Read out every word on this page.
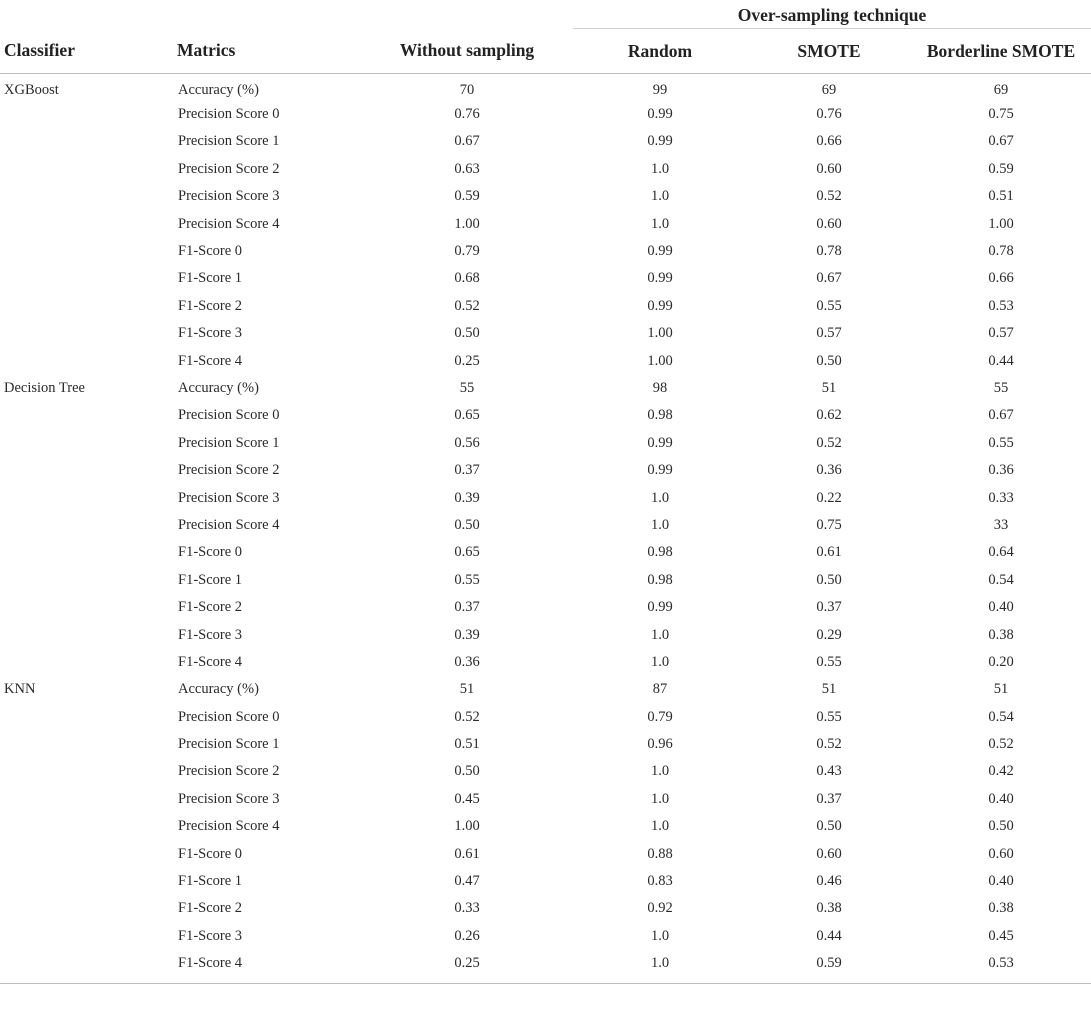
			Over-sampling technique		
Classifier	Matrics	Without sampling	Random	SMOTE	Borderline SMOTE
XGBoost	Accuracy (%)	70	99	69	69
	Precision Score 0	0.76	0.99	0.76	0.75
	Precision Score 1	0.67	0.99	0.66	0.67
	Precision Score 2	0.63	1.0	0.60	0.59
	Precision Score 3	0.59	1.0	0.52	0.51
	Precision Score 4	1.00	1.0	0.60	1.00
	F1-Score 0	0.79	0.99	0.78	0.78
	F1-Score 1	0.68	0.99	0.67	0.66
	F1-Score 2	0.52	0.99	0.55	0.53
	F1-Score 3	0.50	1.00	0.57	0.57
	F1-Score 4	0.25	1.00	0.50	0.44
Decision Tree	Accuracy (%)	55	98	51	55
	Precision Score 0	0.65	0.98	0.62	0.67
	Precision Score 1	0.56	0.99	0.52	0.55
	Precision Score 2	0.37	0.99	0.36	0.36
	Precision Score 3	0.39	1.0	0.22	0.33
	Precision Score 4	0.50	1.0	0.75	33
	F1-Score 0	0.65	0.98	0.61	0.64
	F1-Score 1	0.55	0.98	0.50	0.54
	F1-Score 2	0.37	0.99	0.37	0.40
	F1-Score 3	0.39	1.0	0.29	0.38
	F1-Score 4	0.36	1.0	0.55	0.20
KNN	Accuracy (%)	51	87	51	51
	Precision Score 0	0.52	0.79	0.55	0.54
	Precision Score 1	0.51	0.96	0.52	0.52
	Precision Score 2	0.50	1.0	0.43	0.42
	Precision Score 3	0.45	1.0	0.37	0.40
	Precision Score 4	1.00	1.0	0.50	0.50
	F1-Score 0	0.61	0.88	0.60	0.60
	F1-Score 1	0.47	0.83	0.46	0.40
	F1-Score 2	0.33	0.92	0.38	0.38
	F1-Score 3	0.26	1.0	0.44	0.45
	F1-Score 4	0.25	1.0	0.59	0.53
